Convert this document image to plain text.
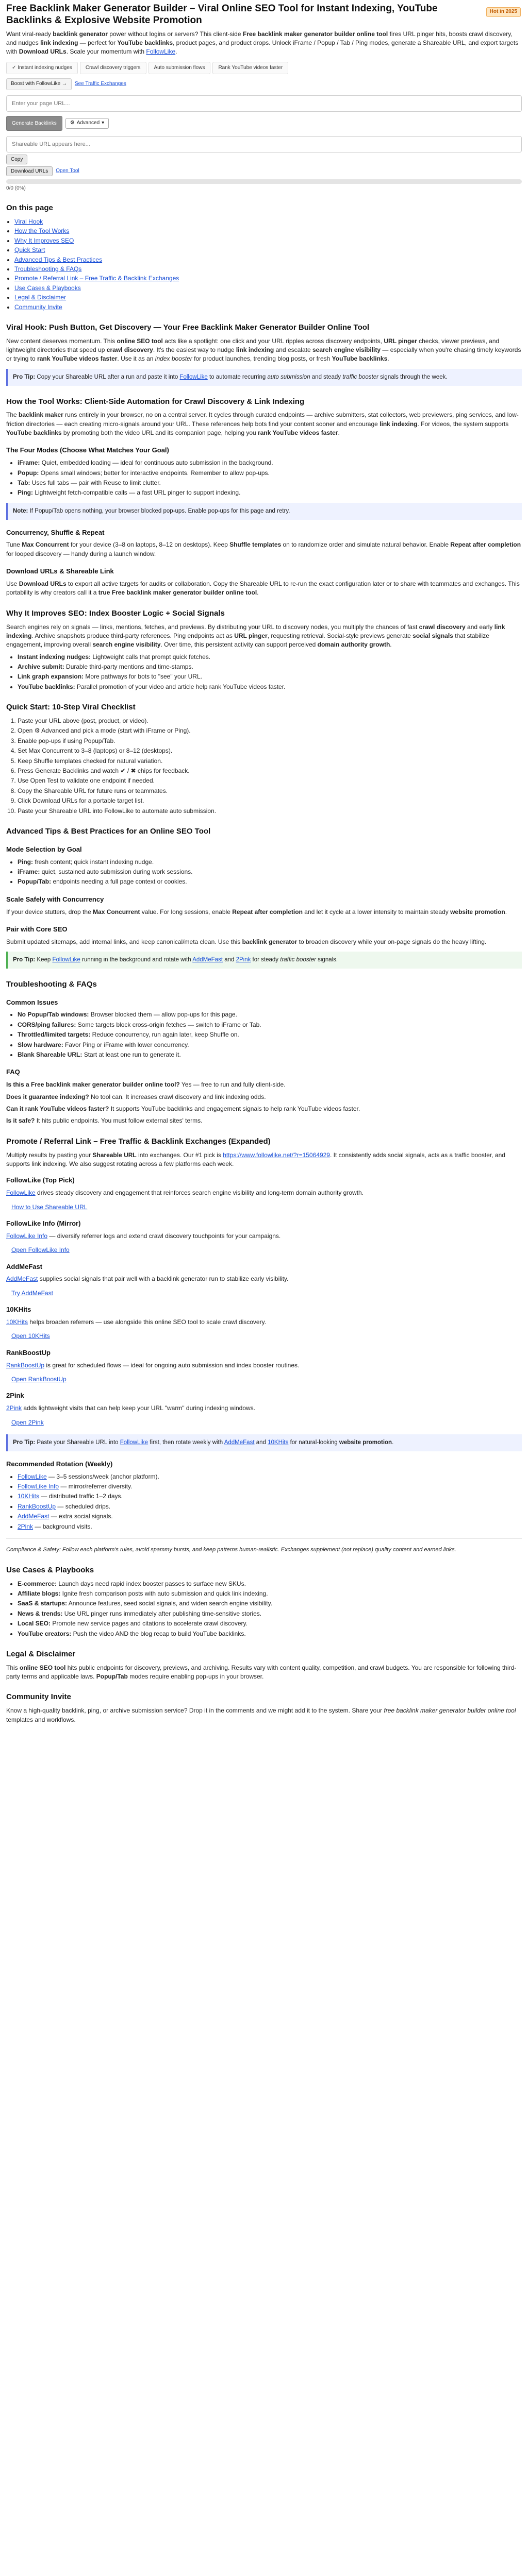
Hot in 2025
Free Backlink Maker Generator Builder – Viral Online SEO Tool for Instant Indexing, YouTube Backlinks & Explosive Website Promotion

Want viral-ready backlink generator power without logins or servers? This client-side Free backlink maker generator builder online tool fires URL pinger hits, boosts crawl discovery, and nudges link indexing — perfect for YouTube backlinks, product pages, and product drops. Unlock iFrame / Popup / Tab / Ping modes, generate a Shareable URL, and export targets with Download URLs. Scale your momentum with FollowLike.

✓ Instant indexing nudges	Crawl discovery triggers	Auto submission flows	Rank YouTube videos faster
Boost with FollowLike →	See Traffic Exchanges
Enter your page URL...
Generate Backlinks	⚙ Advanced ▾
Shareable URL appears here...
Copy
Download URLs	Open Tool
0/0 (0%)
On this page
• Viral Hook
• How the Tool Works
• Why It Improves SEO
• Quick Start
• Advanced Tips & Best Practices
• Troubleshooting & FAQs
• Promote / Referral Link – Free Traffic & Backlink Exchanges
• Use Cases & Playbooks
• Legal & Disclaimer
• Community Invite
Viral Hook: Push Button, Get Discovery — Your Free Backlink Maker Generator Builder Online Tool

New content deserves momentum. This online SEO tool acts like a spotlight: one click and your URL ripples across discovery endpoints, URL pinger checks, viewer previews, and lightweight directories that speed up crawl discovery. It's the easiest way to nudge link indexing and escalate search engine visibility — especially when you're chasing timely keywords or trying to rank YouTube videos faster. Use it as an index booster for product launches, trending blog posts, or fresh YouTube backlinks.

Pro Tip: Copy your Shareable URL after a run and paste it into FollowLike to automate recurring auto submission and steady traffic booster signals through the week.
How the Tool Works: Client-Side Automation for Crawl Discovery & Link Indexing

The backlink maker runs entirely in your browser, no on a central server. It cycles through curated endpoints — archive submitters, stat collectors, web previewers, ping services, and low-friction directories — each creating micro-signals around your URL. These references help bots find your content sooner and encourage link indexing. For videos, the system supports YouTube backlinks by promoting both the video URL and its companion page, helping you rank YouTube videos faster.

The Four Modes (Choose What Matches Your Goal)
• iFrame: Quiet, embedded loading — ideal for continuous auto submission in the background.
• Popup: Opens small windows; better for interactive endpoints. Remember to allow pop-ups.
• Tab: Uses full tabs — pair with Reuse to limit clutter.
• Ping: Lightweight fetch-compatible calls — a fast URL pinger to support indexing.
Note: If Popup/Tab opens nothing, your browser blocked pop-ups. Enable pop-ups for this page and retry.
Concurrency, Shuffle & Repeat

Tune Max Concurrent for your device (3–8 on laptops, 8–12 on desktops). Keep Shuffle templates on to randomize order and simulate natural behavior. Enable Repeat after completion for looped discovery — handy during a launch window.

Download URLs & Shareable Link

Use Download URLs to export all active targets for audits or collaboration. Copy the Shareable URL to re-run the exact configuration later or to share with teammates and exchanges. This portability is why creators call it a true Free backlink maker generator builder online tool.

Why It Improves SEO: Index Booster Logic + Social Signals

Search engines rely on signals — links, mentions, fetches, and previews. By distributing your URL to discovery nodes, you multiply the chances of fast crawl discovery and early link indexing. Archive snapshots produce third-party references. Ping endpoints act as URL pinger, requesting retrieval. Social-style previews generate social signals that stabilize engagement, improving overall search engine visibility. Over time, this persistent activity can support perceived domain authority growth.

• Instant indexing nudges: Lightweight calls that prompt quick fetches.
• Archive submit: Durable third-party mentions and time-stamps.
• Link graph expansion: More pathways for bots to "see" your URL.
• YouTube backlinks: Parallel promotion of your video and article help rank YouTube videos faster.
Quick Start: 10-Step Viral Checklist
1. Paste your URL above (post, product, or video).
2. Open ⚙ Advanced and pick a mode (start with iFrame or Ping).
3. Enable pop-ups if using Popup/Tab.
4. Set Max Concurrent to 3–8 (laptops) or 8–12 (desktops).
5. Keep Shuffle templates checked for natural variation.
6. Press Generate Backlinks and watch ✔ / ✖ chips for feedback.
7. Use Open Test to validate one endpoint if needed.
8. Copy the Shareable URL for future runs or teammates.
9. Click Download URLs for a portable target list.
10. Paste your Shareable URL into FollowLike to automate auto submission.
Advanced Tips & Best Practices for an Online SEO Tool
Mode Selection by Goal
• Ping: fresh content; quick instant indexing nudge.
• iFrame: quiet, sustained auto submission during work sessions.
• Popup/Tab: endpoints needing a full page context or cookies.
Scale Safely with Concurrency

If your device stutters, drop the Max Concurrent value. For long sessions, enable Repeat after completion and let it cycle at a lower intensity to maintain steady website promotion.

Pair with Core SEO

Submit updated sitemaps, add internal links, and keep canonical/meta clean. Use this backlink generator to broaden discovery while your on-page signals do the heavy lifting.

Pro Tip: Keep FollowLike running in the background and rotate with AddMeFast and 2Pink for steady traffic booster signals.
Troubleshooting & FAQs
Common Issues
• No Popup/Tab windows: Browser blocked them — allow pop-ups for this page.
• CORS/ping failures: Some targets block cross-origin fetches — switch to iFrame or Tab.
• Throttled/limited targets: Reduce concurrency, run again later, keep Shuffle on.
• Slow hardware: Favor Ping or iFrame with lower concurrency.
• Blank Shareable URL: Start at least one run to generate it.
FAQ

Is this a Free backlink maker generator builder online tool? Yes — free to run and fully client-side.

Does it guarantee indexing? No tool can. It increases crawl discovery and link indexing odds.

Can it rank YouTube videos faster? It supports YouTube backlinks and engagement signals to help rank YouTube videos faster.

Is it safe? It hits public endpoints. You must follow external sites' terms.

Promote / Referral Link – Free Traffic & Backlink Exchanges (Expanded)

Multiply results by pasting your Shareable URL into exchanges. Our #1 pick is https://www.followlike.net/?r=15064929. It consistently adds social signals, acts as a traffic booster, and supports link indexing. We also suggest rotating across a few platforms each week.

FollowLike (Top Pick)

FollowLike drives steady discovery and engagement that reinforces search engine visibility and long-term domain authority growth.

How to Use Shareable URL
FollowLike Info (Mirror)

FollowLike Info — diversify referrer logs and extend crawl discovery touchpoints for your campaigns.

Open FollowLike Info
AddMeFast

AddMeFast supplies social signals that pair well with a backlink generator run to stabilize early visibility.

Try AddMeFast
10KHits

10KHits helps broaden referrers — use alongside this online SEO tool to scale crawl discovery.

Open 10KHits
RankBoostUp

RankBoostUp is great for scheduled flows — ideal for ongoing auto submission and index booster routines.

Open RankBoostUp
2Pink

2Pink adds lightweight visits that can help keep your URL "warm" during indexing windows.

Open 2Pink
Pro Tip: Paste your Shareable URL into FollowLike first, then rotate weekly with AddMeFast and 10KHits for natural-looking website promotion.
Recommended Rotation (Weekly)
• FollowLike — 3–5 sessions/week (anchor platform).
• FollowLike Info — mirror/referrer diversity.
• 10KHits — distributed traffic 1–2 days.
• RankBoostUp — scheduled drips.
• AddMeFast — extra social signals.
• 2Pink — background visits.

Compliance & Safety: Follow each platform's rules, avoid spammy bursts, and keep patterns human-realistic. Exchanges supplement (not replace) quality content and earned links.

Use Cases & Playbooks
• E-commerce: Launch days need rapid index booster passes to surface new SKUs.
• Affiliate blogs: Ignite fresh comparison posts with auto submission and quick link indexing.
• SaaS & startups: Announce features, seed social signals, and widen search engine visibility.
• News & trends: Use URL pinger runs immediately after publishing time-sensitive stories.
• Local SEO: Promote new service pages and citations to accelerate crawl discovery.
• YouTube creators: Push the video AND the blog recap to build YouTube backlinks.
Legal & Disclaimer

This online SEO tool hits public endpoints for discovery, previews, and archiving. Results vary with content quality, competition, and crawl budgets. You are responsible for following third-party terms and applicable laws. Popup/Tab modes require enabling pop-ups in your browser.

Community Invite

Know a high-quality backlink, ping, or archive submission service? Drop it in the comments and we might add it to the system. Share your free backlink maker generator builder online tool templates and workflows.
